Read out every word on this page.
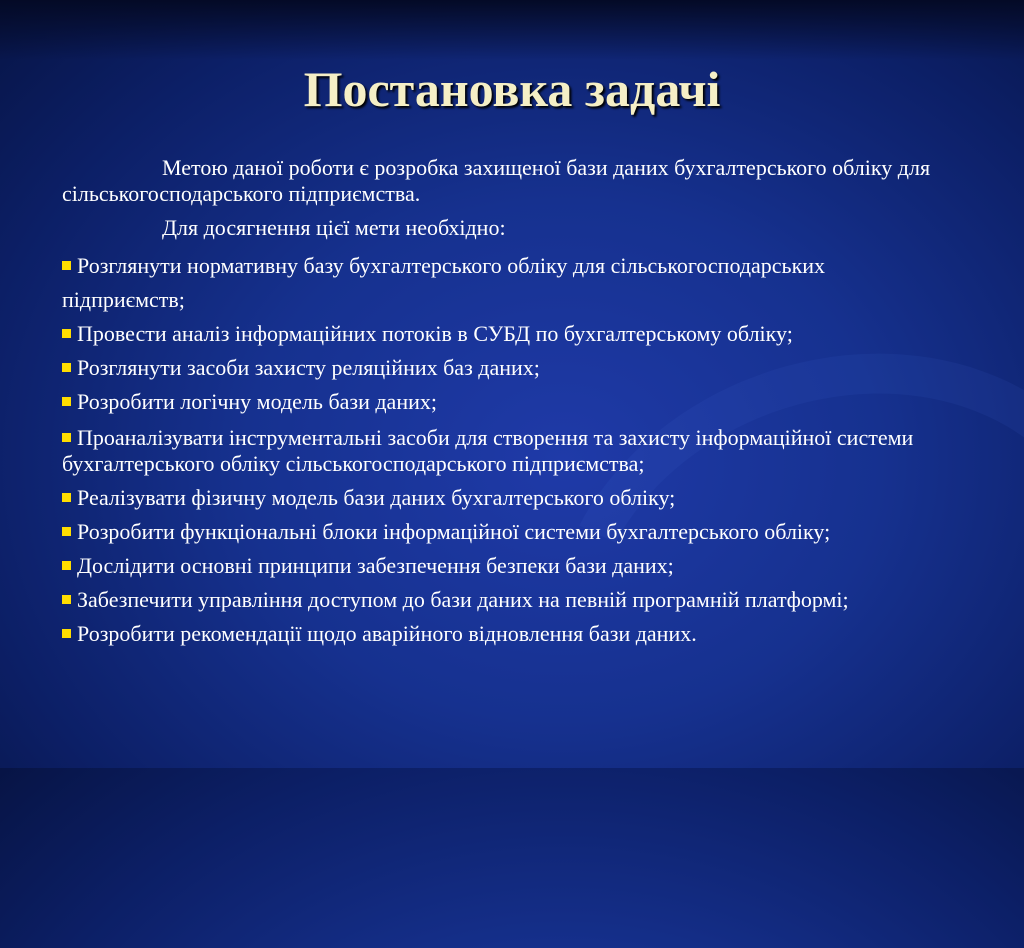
Постановка задачі

Метою даної роботи є розробка захищеної бази даних бухгалтерського обліку для сільськогосподарського підприємства.

Для досягнення цієї мети необхідно:

Розглянути нормативну базу бухгалтерського обліку для сільськогосподарських підприємств;
Провести аналіз інформаційних потоків в СУБД по бухгалтерському обліку;
Розглянути засоби захисту реляційних баз даних;
Розробити логічну модель бази даних;
Проаналізувати інструментальні засоби для створення та захисту інформаційної системи бухгалтерського обліку сільськогосподарського підприємства;
Реалізувати фізичну модель бази даних бухгалтерського обліку;
Розробити функціональні блоки інформаційної системи бухгалтерського обліку;
Дослідити основні принципи забезпечення безпеки бази даних;
Забезпечити управління доступом до бази даних на певній програмній платформі;
Розробити рекомендації щодо аварійного відновлення бази даних.
